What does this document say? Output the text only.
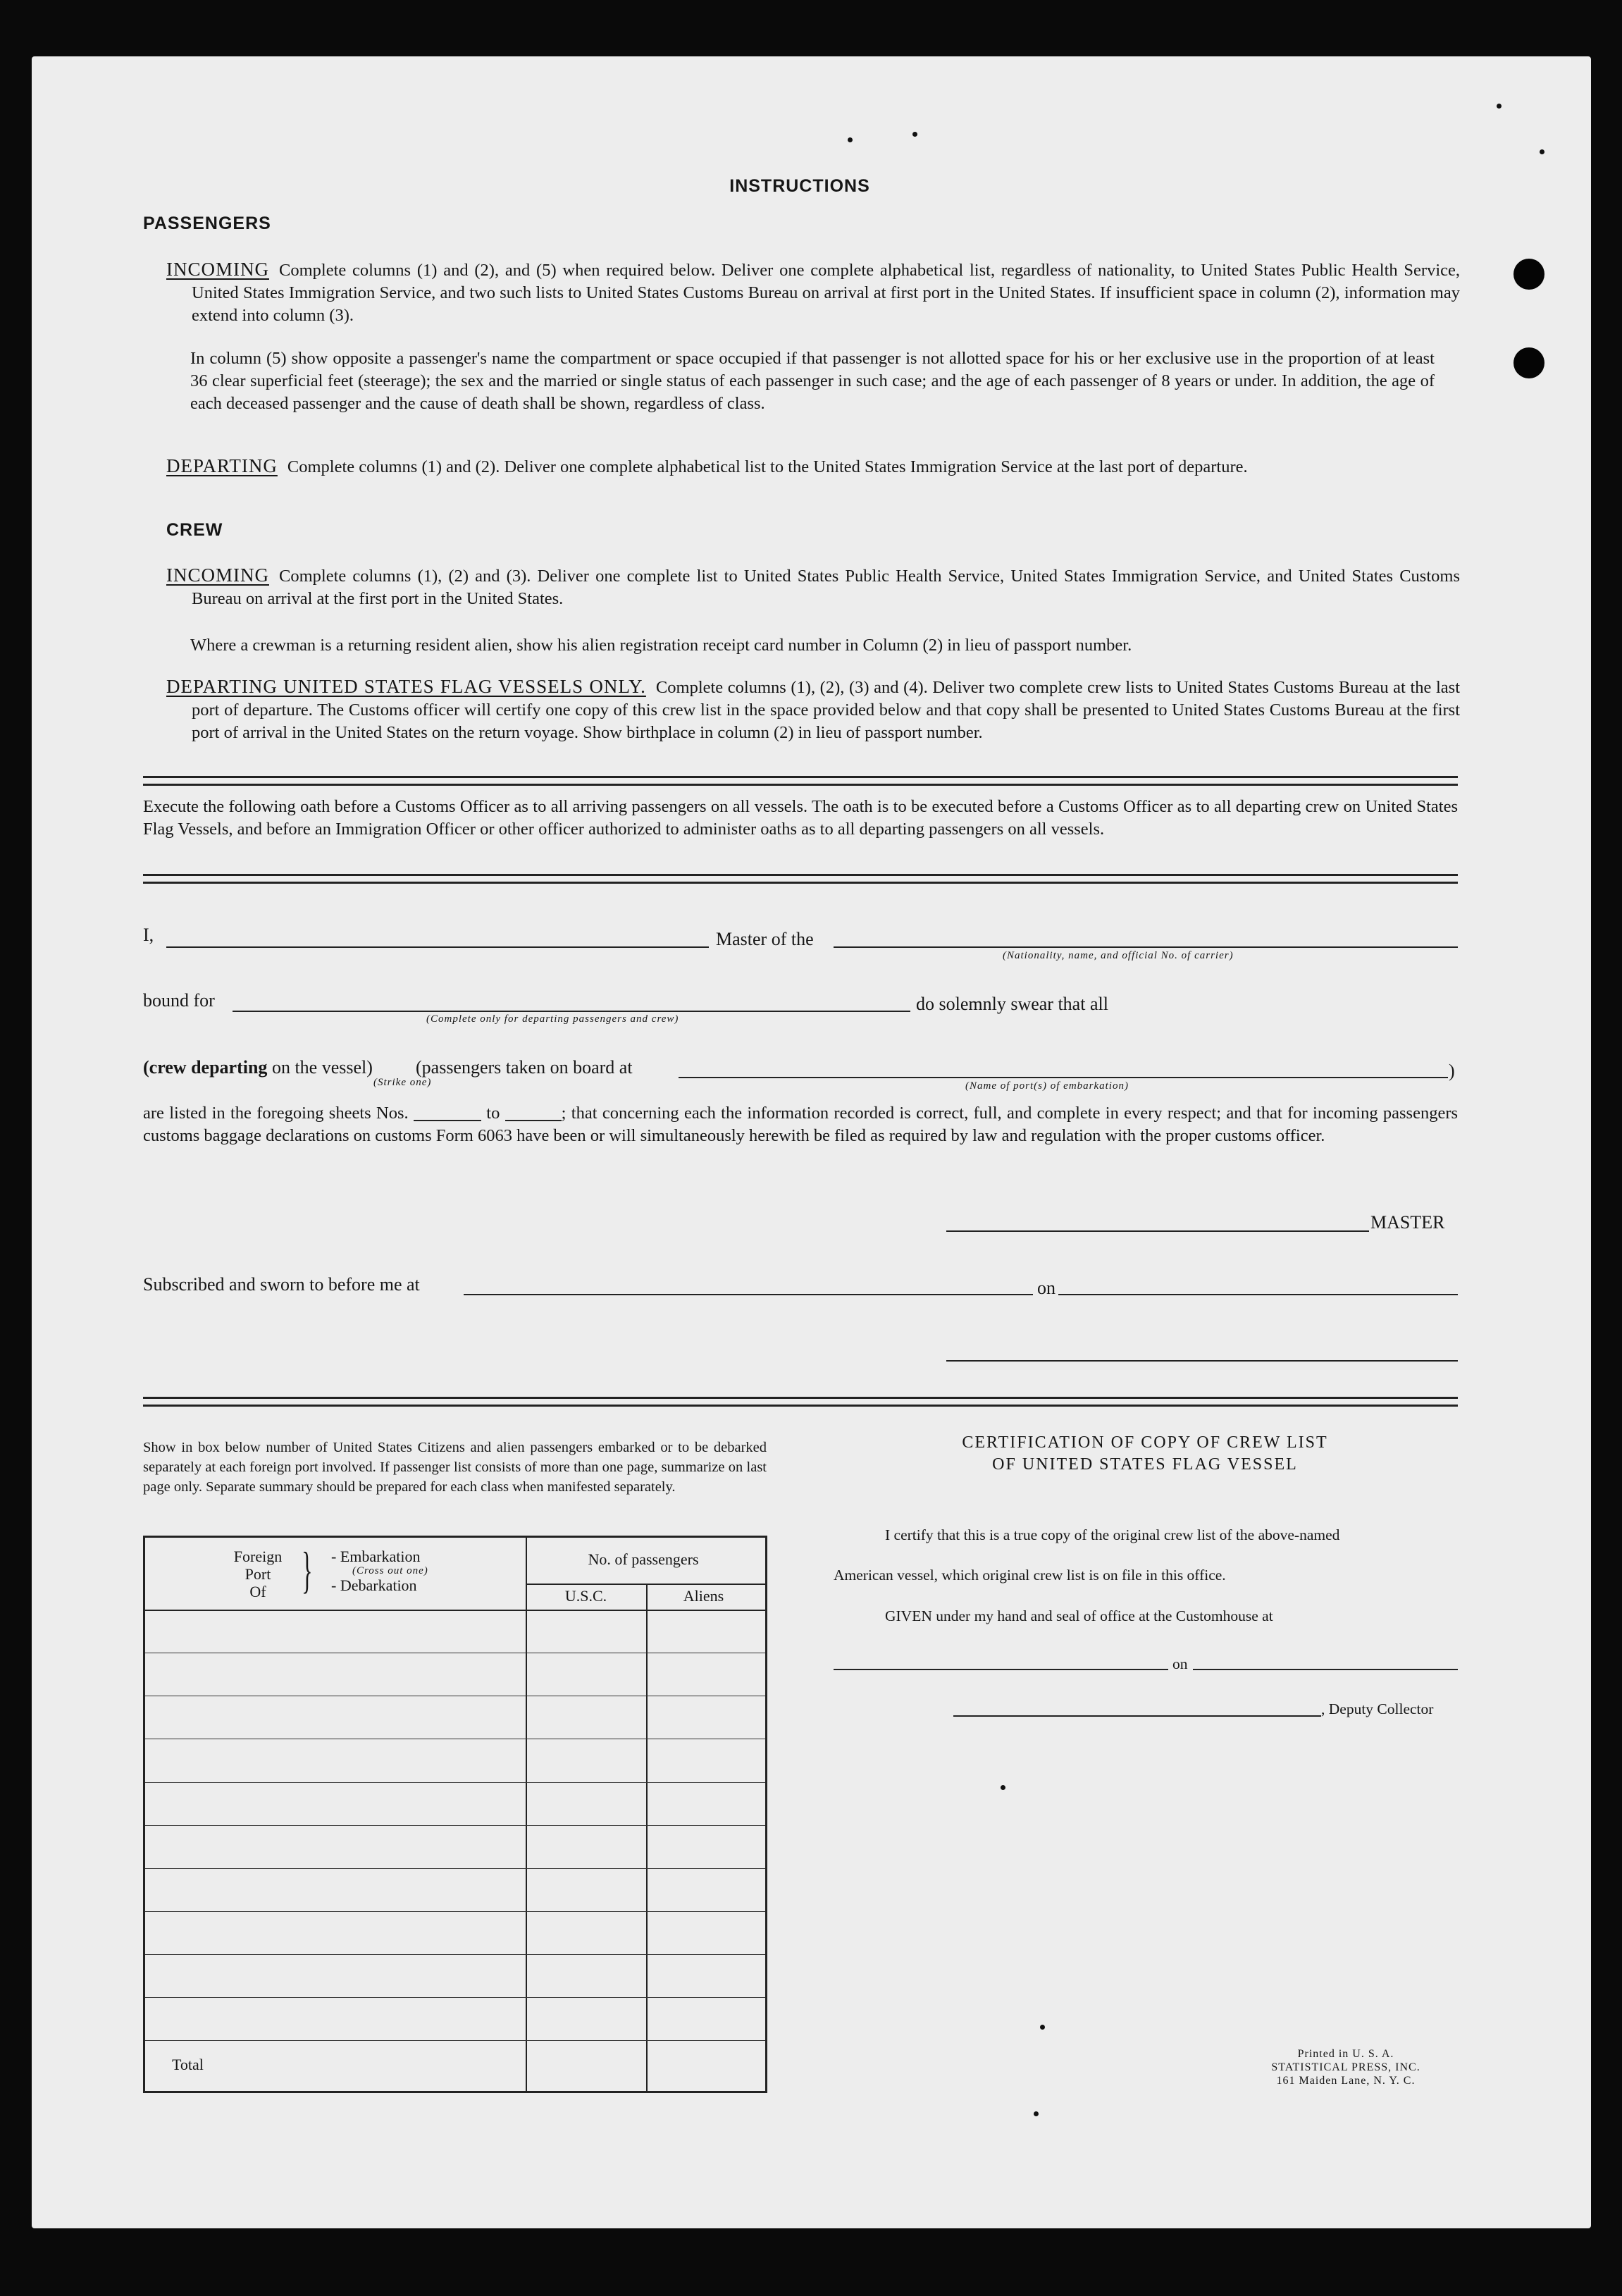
INSTRUCTIONS
PASSENGERS
INCOMING Complete columns (1) and (2), and (5) when required below. Deliver one complete alphabetical list, regardless of nationality, to United States Public Health Service, United States Immigration Service, and two such lists to United States Customs Bureau on arrival at first port in the United States. If insufficient space in column (2), information may extend into column (3).
In column (5) show opposite a passenger's name the compartment or space occupied if that passenger is not allotted space for his or her exclusive use in the proportion of at least 36 clear superficial feet (steerage); the sex and the married or single status of each passenger in such case; and the age of each passenger of 8 years or under. In addition, the age of each deceased passenger and the cause of death shall be shown, regardless of class.
DEPARTING Complete columns (1) and (2). Deliver one complete alphabetical list to the United States Immigration Service at the last port of departure.
CREW
INCOMING Complete columns (1), (2) and (3). Deliver one complete list to United States Public Health Service, United States Immigration Service, and United States Customs Bureau on arrival at the first port in the United States.
Where a crewman is a returning resident alien, show his alien registration receipt card number in Column (2) in lieu of passport number.
DEPARTING UNITED STATES FLAG VESSELS ONLY. Complete columns (1), (2), (3) and (4). Deliver two complete crew lists to United States Customs Bureau at the last port of departure. The Customs officer will certify one copy of this crew list in the space provided below and that copy shall be presented to United States Customs Bureau at the first port of arrival in the United States on the return voyage. Show birthplace in column (2) in lieu of passport number.
Execute the following oath before a Customs Officer as to all arriving passengers on all vessels. The oath is to be executed before a Customs Officer as to all departing crew on United States Flag Vessels, and before an Immigration Officer or other officer authorized to administer oaths as to all departing passengers on all vessels.
I,	Master of the
(Nationality, name, and official No. of carrier)
bound for
(Complete only for departing passengers and crew)
do solemnly swear that all
(crew departing on the vessel)
(Strike one)
(passengers taken on board at	)
(Name of port(s) of embarkation)
are listed in the foregoing sheets Nos.	to	; that concerning each the information recorded is correct, full, and complete in every respect; and that for incoming passengers customs baggage declarations on customs Form 6063 have been or will simultaneously herewith be filed as required by law and regulation with the proper customs officer.
MASTER
Subscribed and sworn to before me at	on
Show in box below number of United States Citizens and alien passengers embarked or to be debarked separately at each foreign port involved. If passenger list consists of more than one page, summarize on last page only. Separate summary should be prepared for each class when manifested separately.
Foreign
Port
Of } - Embarkation
(Cross out one)
- Debarkation
No. of passengers
U.S.C.	Aliens
Total
CERTIFICATION OF COPY OF CREW LIST
OF UNITED STATES FLAG VESSEL
I certify that this is a true copy of the original crew list of the above-named
American vessel, which original crew list is on file in this office.
GIVEN under my hand and seal of office at the Customhouse at
on
, Deputy Collector
Printed in U. S. A.
STATISTICAL PRESS, INC.
161 Maiden Lane, N. Y. C.
